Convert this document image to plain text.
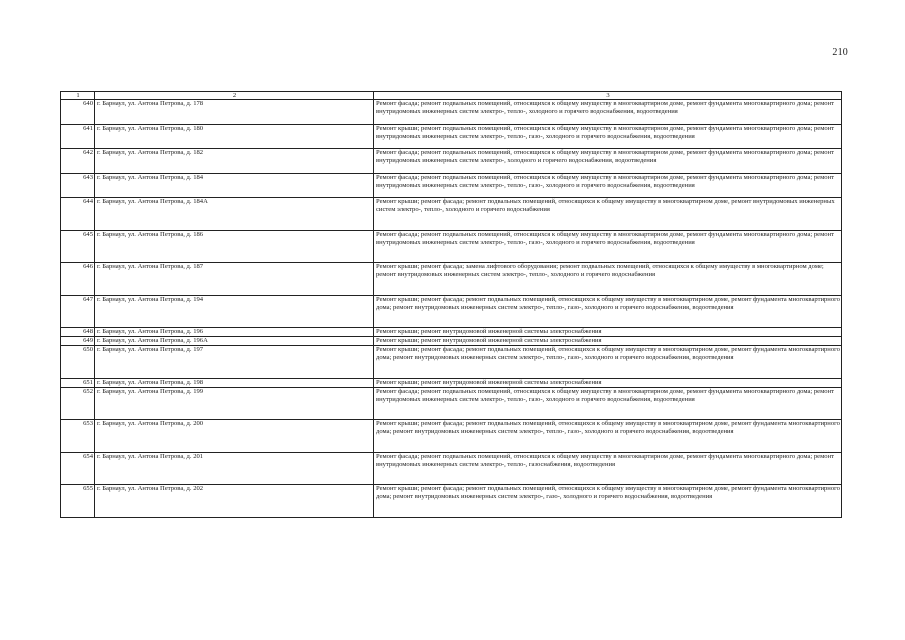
210
1	2	3
640	г. Барнаул, ул. Антона Петрова, д. 178	Ремонт фасада; ремонт подвальных помещений, относящихся к общему имуществу в многоквартирном доме, ремонт фундамента многоквартирного дома; ремонт внутридомовых инженерных систем электро-, тепло-, холодного и горячего водоснабжения, водоотведения
641	г. Барнаул, ул. Антона Петрова, д. 180	Ремонт крыши; ремонт подвальных помещений, относящихся к общему имуществу в многоквартирном доме, ремонт фундамента многоквартирного дома; ремонт внутридомовых инженерных систем электро-, тепло-, газо-, холодного и горячего водоснабжения, водоотведения
642	г. Барнаул, ул. Антона Петрова, д. 182	Ремонт фасада; ремонт подвальных помещений, относящихся к общему имуществу в многоквартирном доме, ремонт фундамента многоквартирного дома; ремонт внутридомовых инженерных систем электро-, холодного и горячего водоснабжения, водоотведения
643	г. Барнаул, ул. Антона Петрова, д. 184	Ремонт фасада; ремонт подвальных помещений, относящихся к общему имуществу в многоквартирном доме, ремонт фундамента многоквартирного дома; ремонт внутридомовых инженерных систем электро-, тепло-, газо-, холодного и горячего водоснабжения, водоотведения
644	г. Барнаул, ул. Антона Петрова, д. 184А	Ремонт крыши; ремонт фасада; ремонт подвальных помещений, относящихся к общему имуществу в многоквартирном доме, ремонт внутридомовых инженерных систем электро-, тепло-, холодного и горячего водоснабжения
645	г. Барнаул, ул. Антона Петрова, д. 186	Ремонт фасада; ремонт подвальных помещений, относящихся к общему имуществу в многоквартирном доме, ремонт фундамента многоквартирного дома; ремонт внутридомовых инженерных систем электро-, тепло-, газо-, холодного и горячего водоснабжения, водоотведения
646	г. Барнаул, ул. Антона Петрова, д. 187	Ремонт крыши; ремонт фасада; замена лифтового оборудования; ремонт подвальных помещений, относящихся к общему имуществу в многоквартирном доме; ремонт внутридомовых инженерных систем электро-, тепло-, холодного и горячего водоснабжения
647	г. Барнаул, ул. Антона Петрова, д. 194	Ремонт крыши; ремонт фасада; ремонт подвальных помещений, относящихся к общему имуществу в многоквартирном доме, ремонт фундамента многоквартирного дома; ремонт внутридомовых инженерных систем электро-, тепло-, газо-, холодного и горячего водоснабжения, водоотведения
648	г. Барнаул, ул. Антона Петрова, д. 196	Ремонт крыши; ремонт внутридомовой инженерной системы электроснабжения
649	г. Барнаул, ул. Антона Петрова, д. 196А	Ремонт крыши; ремонт внутридомовой инженерной системы электроснабжения
650	г. Барнаул, ул. Антона Петрова, д. 197	Ремонт крыши; ремонт фасада; ремонт подвальных помещений, относящихся к общему имуществу в многоквартирном доме, ремонт фундамента многоквартирного дома; ремонт внутридомовых инженерных систем электро-, тепло-, газо-, холодного и горячего водоснабжения, водоотведения
651	г. Барнаул, ул. Антона Петрова, д. 198	Ремонт крыши; ремонт внутридомовой инженерной системы электроснабжения
652	г. Барнаул, ул. Антона Петрова, д. 199	Ремонт фасада; ремонт подвальных помещений, относящихся к общему имуществу в многоквартирном доме, ремонт фундамента многоквартирного дома; ремонт внутридомовых инженерных систем электро-, тепло-, газо-, холодного и горячего водоснабжения, водоотведения
653	г. Барнаул, ул. Антона Петрова, д. 200	Ремонт крыши; ремонт фасада; ремонт подвальных помещений, относящихся к общему имуществу в многоквартирном доме, ремонт фундамента многоквартирного дома; ремонт внутридомовых инженерных систем электро-, тепло-, газо-, холодного и горячего водоснабжения, водоотведения
654	г. Барнаул, ул. Антона Петрова, д. 201	Ремонт фасада; ремонт подвальных помещений, относящихся к общему имуществу в многоквартирном доме, ремонт фундамента многоквартирного дома; ремонт внутридомовых инженерных систем электро-, тепло-, газоснабжения, водоотведения
655	г. Барнаул, ул. Антона Петрова, д. 202	Ремонт крыши; ремонт фасада; ремонт подвальных помещений, относящихся к общему имуществу в многоквартирном доме, ремонт фундамента многоквартирного дома; ремонт внутридомовых инженерных систем электро-, газо-, холодного и горячего водоснабжения, водоотведения
